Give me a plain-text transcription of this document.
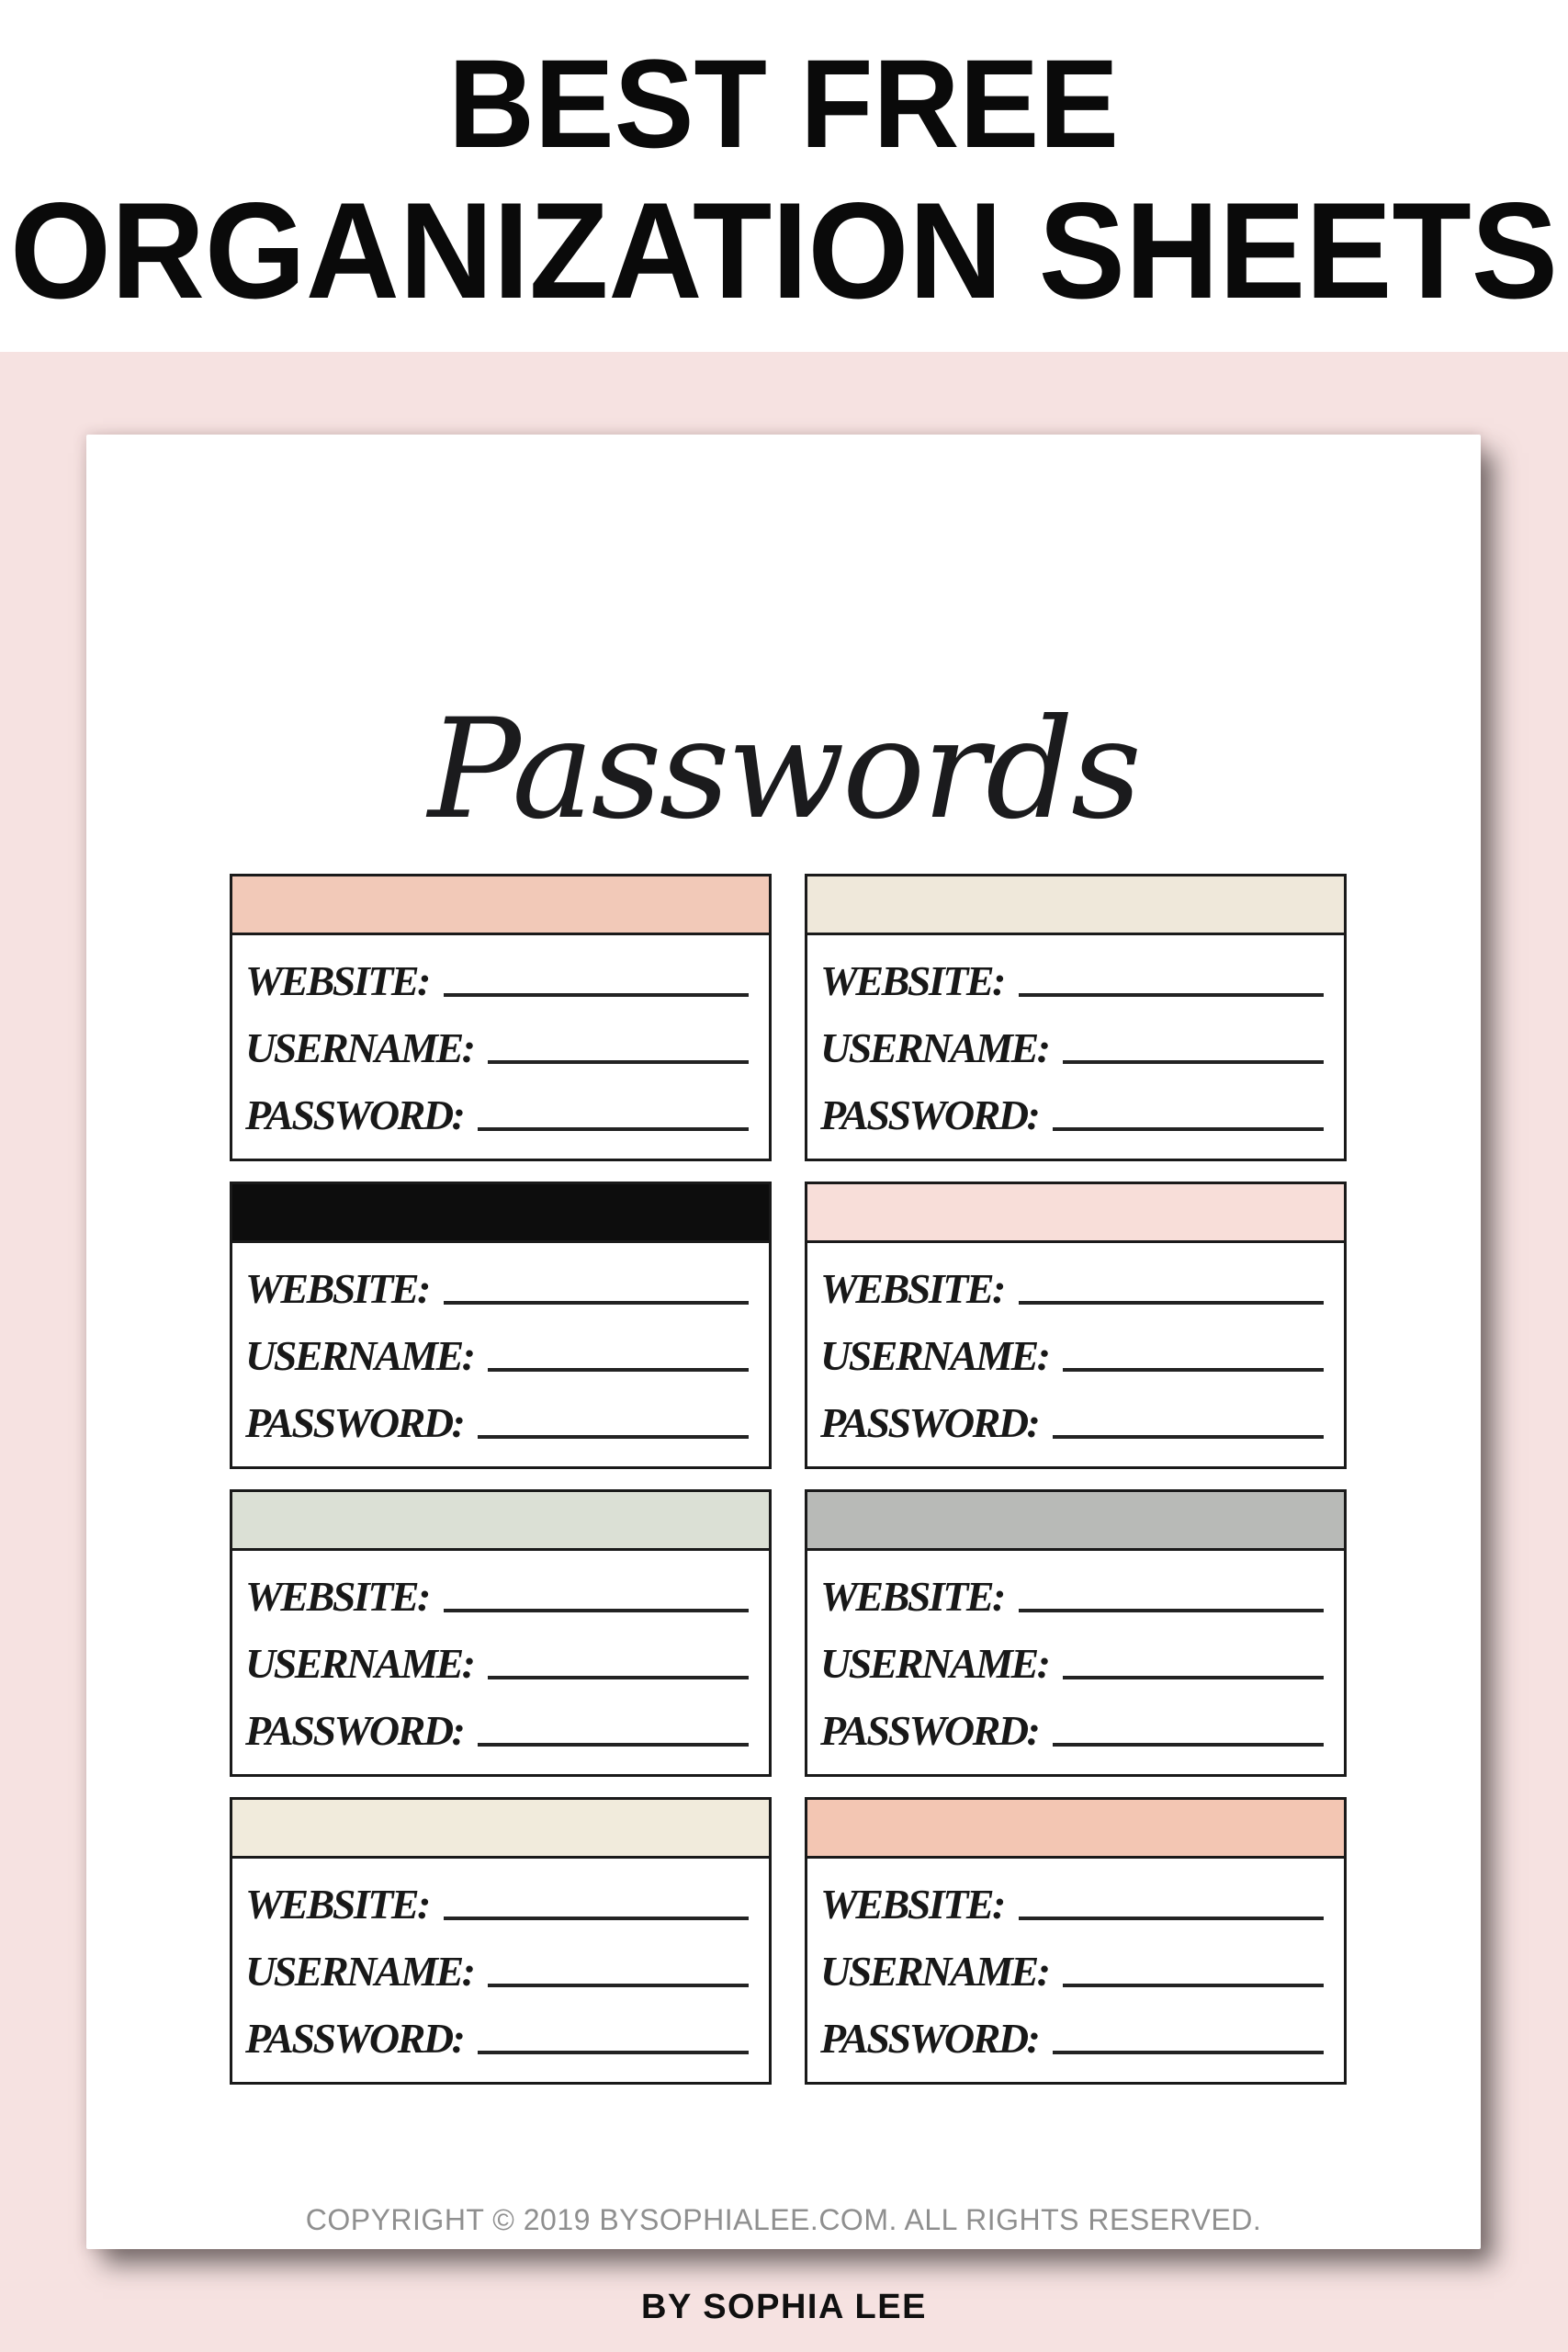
BEST FREE
ORGANIZATION SHEETS
Passwords
WEBSITE:
USERNAME:
PASSWORD:
WEBSITE:
USERNAME:
PASSWORD:
WEBSITE:
USERNAME:
PASSWORD:
WEBSITE:
USERNAME:
PASSWORD:
WEBSITE:
USERNAME:
PASSWORD:
WEBSITE:
USERNAME:
PASSWORD:
WEBSITE:
USERNAME:
PASSWORD:
WEBSITE:
USERNAME:
PASSWORD:
COPYRIGHT © 2019 BYSOPHIALEE.COM. ALL RIGHTS RESERVED.
BY SOPHIA LEE
